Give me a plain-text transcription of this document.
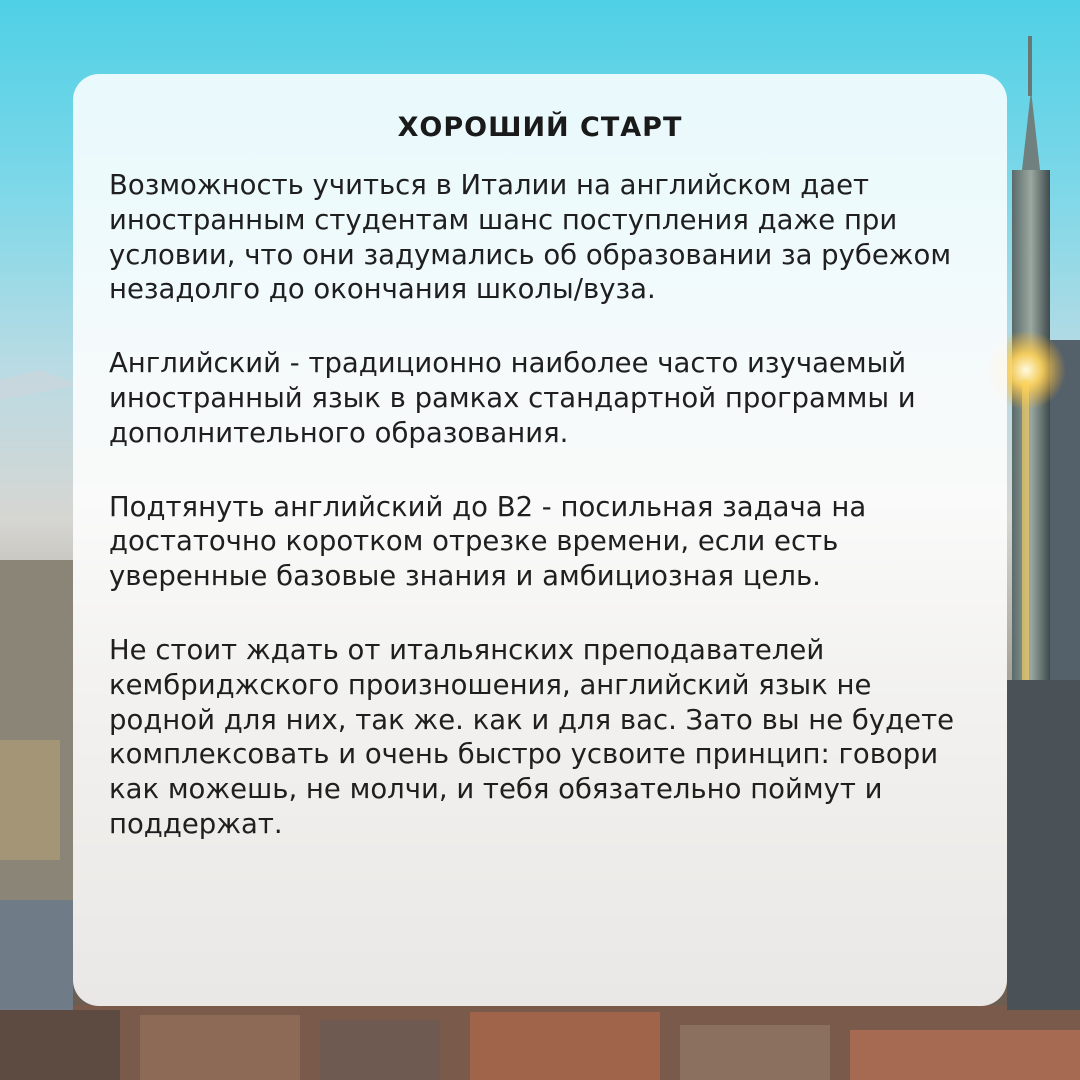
ХОРОШИЙ СТАРТ

Возможность учиться в Италии на английском дает иностранным студентам шанс поступления даже при условии, что они задумались об образовании за рубежом незадолго до окончания школы/вуза.

Английский - традиционно наиболее часто изучаемый иностранный язык в рамках стандартной программы и дополнительного образования.

Подтянуть английский до В2 - посильная задача на достаточно коротком отрезке времени, если есть уверенные базовые знания и амбициозная цель.

Не стоит ждать от итальянских преподавателей кембриджского произношения, английский язык не родной для них, так же. как и для вас. Зато вы не будете комплексовать и очень быстро усвоите принцип: говори как можешь, не молчи, и тебя обязательно поймут и поддержат.
